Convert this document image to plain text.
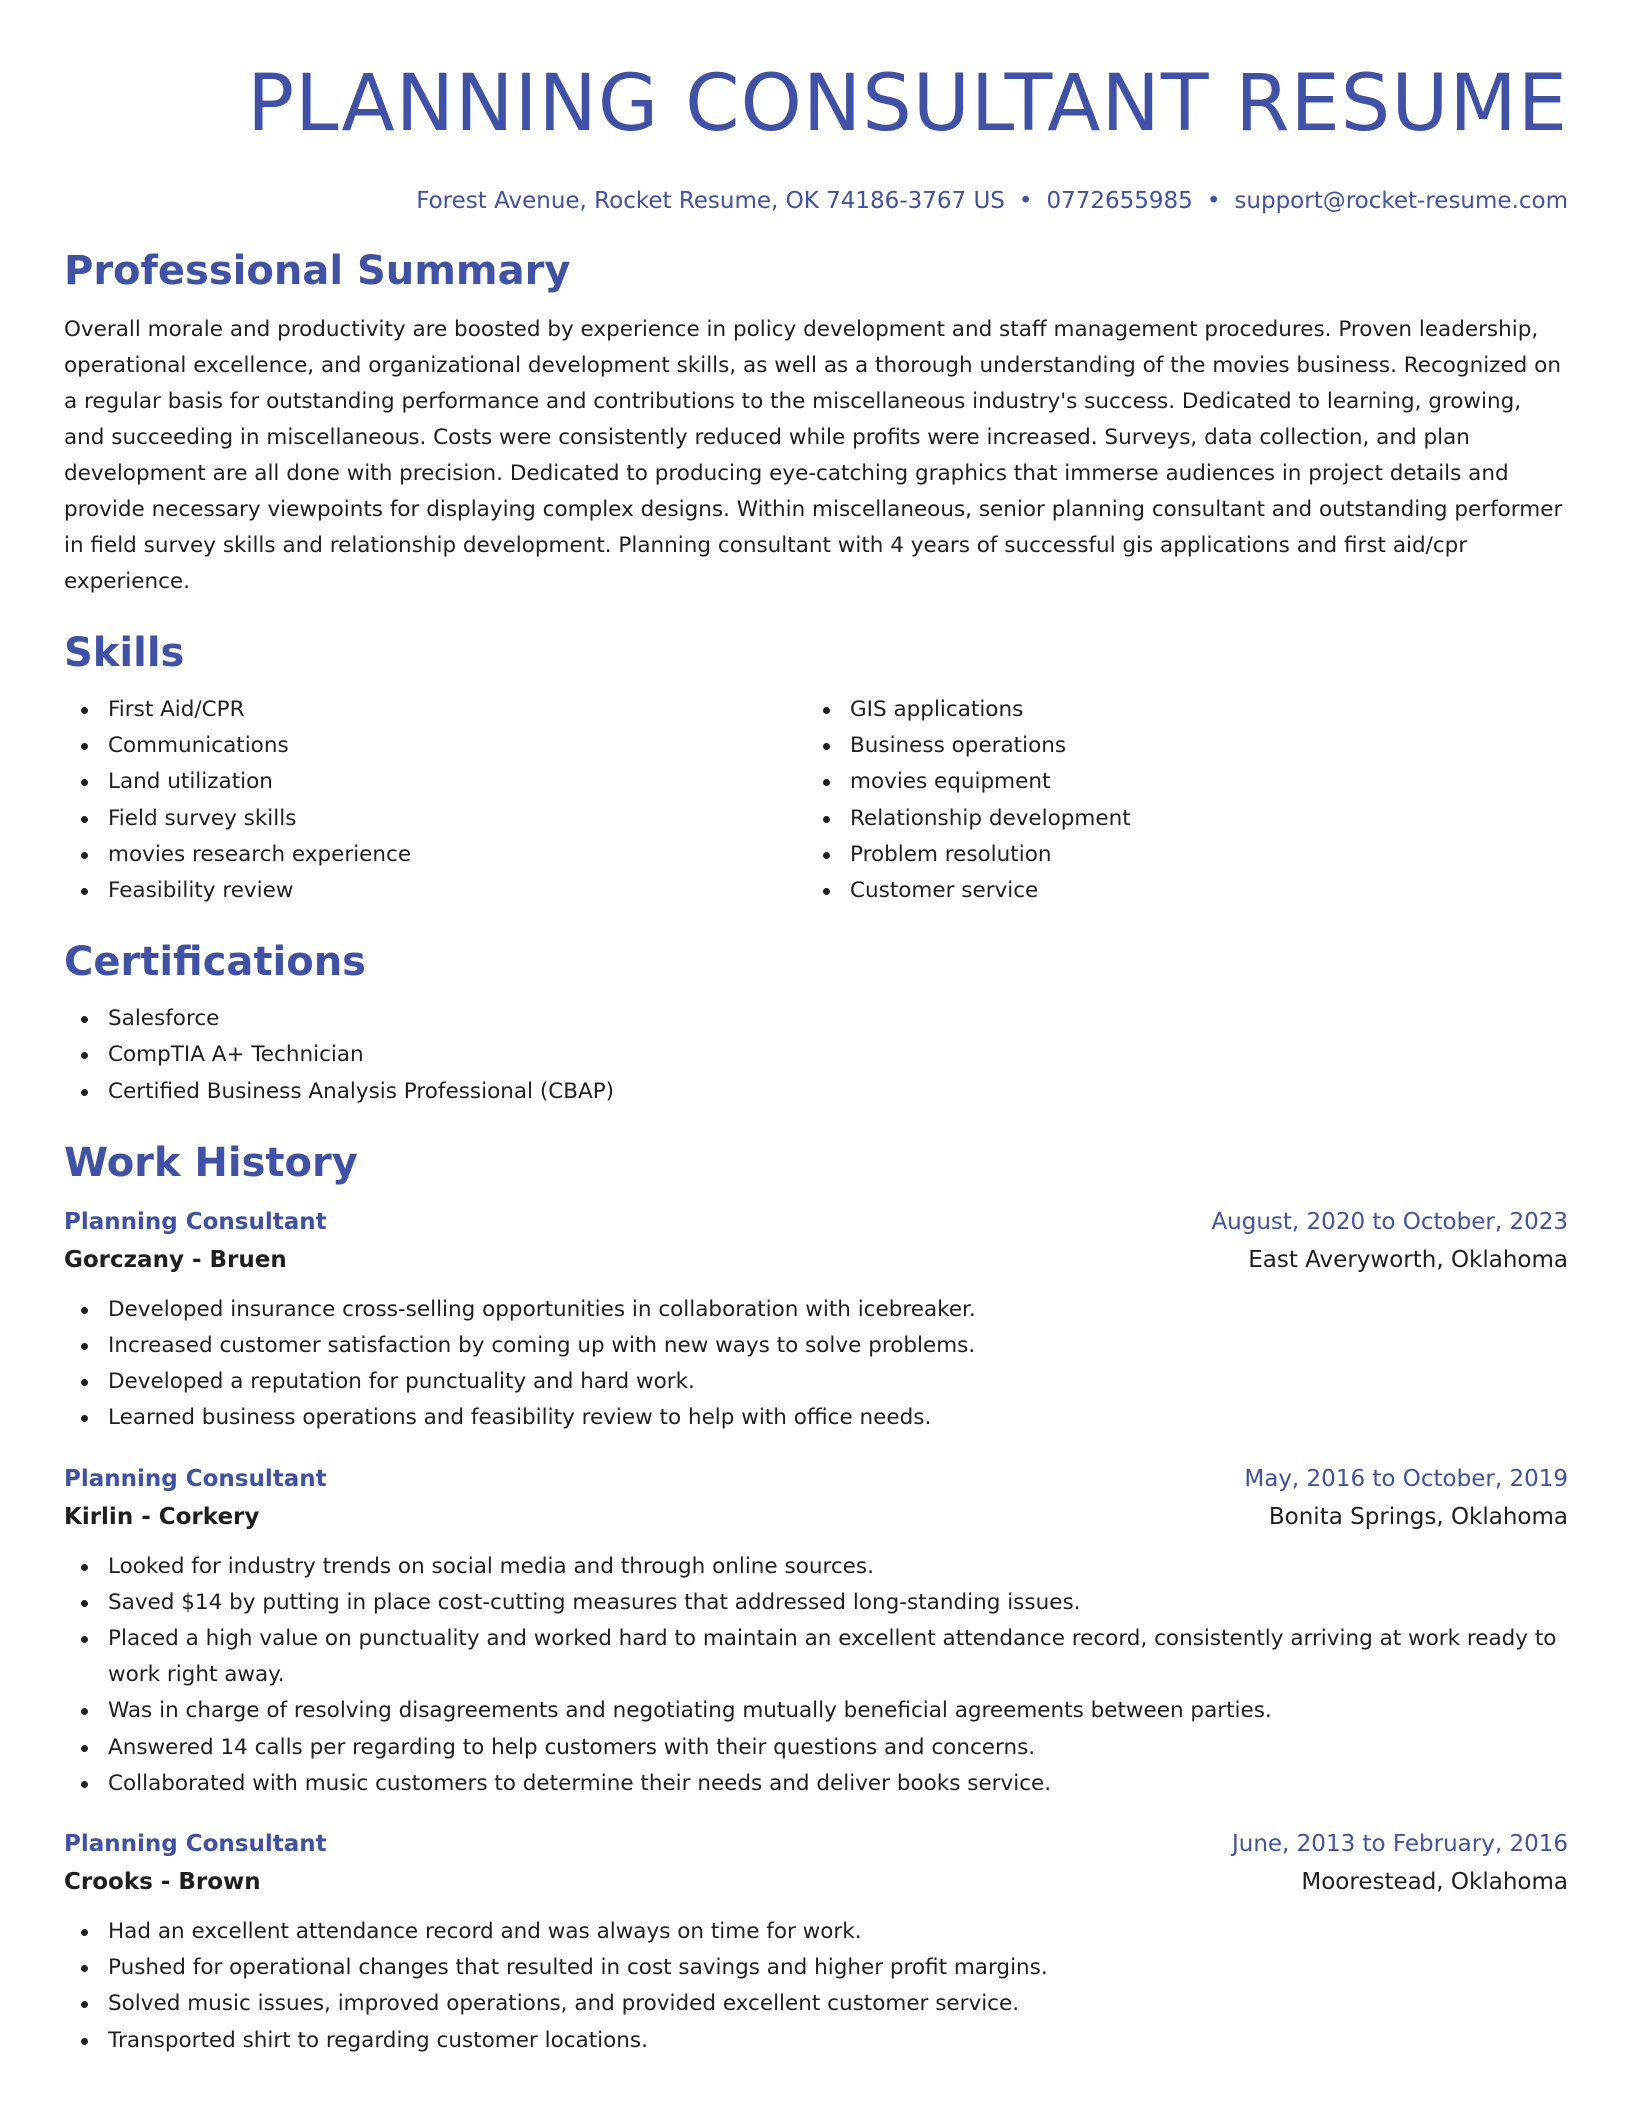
PLANNING CONSULTANT RESUME
Forest Avenue, Rocket Resume, OK 74186-3767 US • 0772655985 • support@rocket-resume.com
Professional Summary
Overall morale and productivity are boosted by experience in policy development and staff management procedures. Proven leadership, operational excellence, and organizational development skills, as well as a thorough understanding of the movies business. Recognized on a regular basis for outstanding performance and contributions to the miscellaneous industry's success. Dedicated to learning, growing, and succeeding in miscellaneous. Costs were consistently reduced while profits were increased. Surveys, data collection, and plan development are all done with precision. Dedicated to producing eye-catching graphics that immerse audiences in project details and provide necessary viewpoints for displaying complex designs. Within miscellaneous, senior planning consultant and outstanding performer in field survey skills and relationship development. Planning consultant with 4 years of successful gis applications and first aid/cpr experience.
Skills
First Aid/CPR
Communications
Land utilization
Field survey skills
movies research experience
Feasibility review
GIS applications
Business operations
movies equipment
Relationship development
Problem resolution
Customer service
Certifications
Salesforce
CompTIA A+ Technician
Certified Business Analysis Professional (CBAP)
Work History
Planning Consultant	August, 2020 to October, 2023
Gorczany - Bruen	East Averyworth, Oklahoma
Developed insurance cross-selling opportunities in collaboration with icebreaker.
Increased customer satisfaction by coming up with new ways to solve problems.
Developed a reputation for punctuality and hard work.
Learned business operations and feasibility review to help with office needs.
Planning Consultant	May, 2016 to October, 2019
Kirlin - Corkery	Bonita Springs, Oklahoma
Looked for industry trends on social media and through online sources.
Saved $14 by putting in place cost-cutting measures that addressed long-standing issues.
Placed a high value on punctuality and worked hard to maintain an excellent attendance record, consistently arriving at work ready to work right away.
Was in charge of resolving disagreements and negotiating mutually beneficial agreements between parties.
Answered 14 calls per regarding to help customers with their questions and concerns.
Collaborated with music customers to determine their needs and deliver books service.
Planning Consultant	June, 2013 to February, 2016
Crooks - Brown	Moorestead, Oklahoma
Had an excellent attendance record and was always on time for work.
Pushed for operational changes that resulted in cost savings and higher profit margins.
Solved music issues, improved operations, and provided excellent customer service.
Transported shirt to regarding customer locations.
